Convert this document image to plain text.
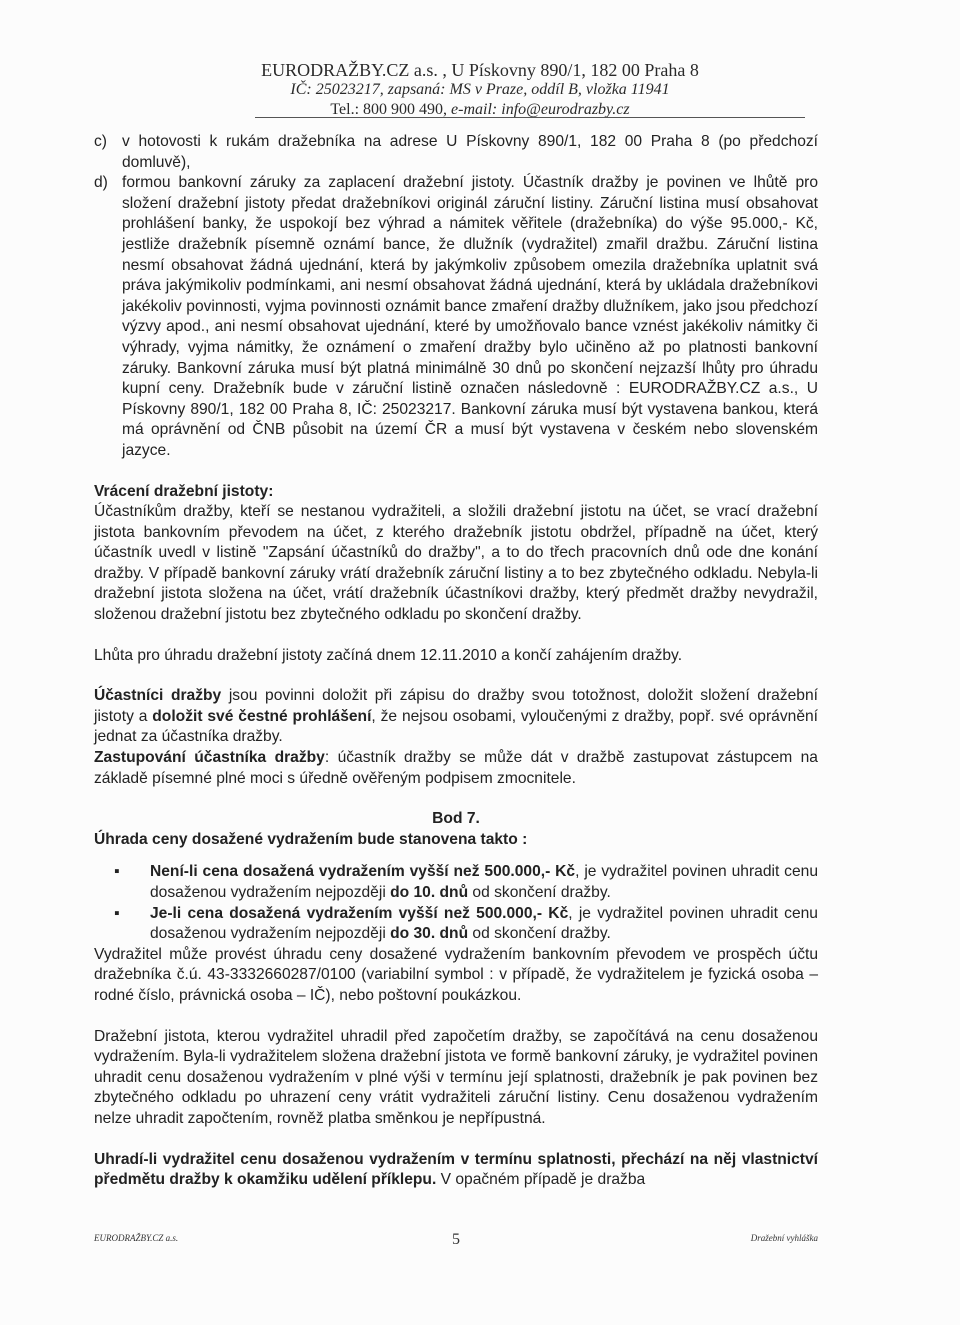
EURODRAŽBY.CZ a.s. , U Pískovny 890/1, 182 00 Praha 8
IČ: 25023217, zapsaná: MS v Praze, oddíl B, vložka 11941
Tel.: 800 900 490, e-mail: info@eurodrazby.cz
c) v hotovosti k rukám dražebníka na adrese U Pískovny 890/1, 182 00 Praha 8 (po předchozí domluvě),
d) formou bankovní záruky za zaplacení dražební jistoty. Účastník dražby je povinen ve lhůtě pro složení dražební jistoty předat dražebníkovi originál záruční listiny. Záruční listina musí obsahovat prohlášení banky, že uspokojí bez výhrad a námitek věřitele (dražebníka) do výše 95.000,- Kč, jestliže dražebník písemně oznámí bance, že dlužník (vydražitel) zmařil dražbu. Záruční listina nesmí obsahovat žádná ujednání, která by jakýmkoliv způsobem omezila dražebníka uplatnit svá práva jakýmikoliv podmínkami, ani nesmí obsahovat žádná ujednání, která by ukládala dražebníkovi jakékoliv povinnosti, vyjma povinnosti oznámit bance zmaření dražby dlužníkem, jako jsou předchozí výzvy apod., ani nesmí obsahovat ujednání, které by umožňovalo bance vznést jakékoliv námitky či výhrady, vyjma námitky, že oznámení o zmaření dražby bylo učiněno až po platnosti bankovní záruky. Bankovní záruka musí být platná minimálně 30 dnů po skončení nejzazší lhůty pro úhradu kupní ceny. Dražebník bude v záruční listině označen následovně : EURODRAŽBY.CZ a.s., U Pískovny 890/1, 182 00 Praha 8, IČ: 25023217. Bankovní záruka musí být vystavena bankou, která má oprávnění od ČNB působit na území ČR a musí být vystavena v českém nebo slovenském jazyce.

Vrácení dražební jistoty:

Účastníkům dražby, kteří se nestanou vydražiteli, a složili dražební jistotu na účet, se vrací dražební jistota bankovním převodem na účet, z kterého dražebník jistotu obdržel, případně na účet, který účastník uvedl v listině "Zapsání účastníků do dražby", a to do třech pracovních dnů ode dne konání dražby. V případě bankovní záruky vrátí dražebník záruční listiny a to bez zbytečného odkladu. Nebyla-li dražební jistota složena na účet, vrátí dražebník účastníkovi dražby, který předmět dražby nevydražil, složenou dražební jistotu bez zbytečného odkladu po skončení dražby.

Lhůta pro úhradu dražební jistoty začíná dnem 12.11.2010 a končí zahájením dražby.

Účastníci dražby jsou povinni doložit při zápisu do dražby svou totožnost, doložit složení dražební jistoty a doložit své čestné prohlášení, že nejsou osobami, vyloučenými z dražby, popř. své oprávnění jednat za účastníka dražby.

Zastupování účastníka dražby: účastník dražby se může dát v dražbě zastupovat zástupcem na základě písemné plné moci s úředně ověřeným podpisem zmocnitele.

Bod 7.

Úhrada ceny dosažené vydražením bude stanovena takto :

▪	Není-li cena dosažená vydražením vyšší než 500.000,- Kč, je vydražitel povinen uhradit cenu dosaženou vydražením nejpozději do 10. dnů od skončení dražby.
▪	Je-li cena dosažená vydražením vyšší než 500.000,- Kč, je vydražitel povinen uhradit cenu dosaženou vydražením nejpozději do 30. dnů od skončení dražby.

Vydražitel může provést úhradu ceny dosažené vydražením bankovním převodem ve prospěch účtu dražebníka č.ú. 43-3332660287/0100 (variabilní symbol : v případě, že vydražitelem je fyzická osoba – rodné číslo, právnická osoba – IČ), nebo poštovní poukázkou.

Dražební jistota, kterou vydražitel uhradil před započetím dražby, se započítává na cenu dosaženou vydražením. Byla-li vydražitelem složena dražební jistota ve formě bankovní záruky, je vydražitel povinen uhradit cenu dosaženou vydražením v plné výši v termínu její splatnosti, dražebník je pak povinen bez zbytečného odkladu po uhrazení ceny vrátit vydražiteli záruční listiny. Cenu dosaženou vydražením nelze uhradit započtením, rovněž platba směnkou je nepřípustná.

Uhradí-li vydražitel cenu dosaženou vydražením v termínu splatnosti, přechází na něj vlastnictví předmětu dražby k okamžiku udělení příklepu. V opačném případě je dražba

EURODRAŽBY.CZ a.s.	5	Dražební vyhláška
